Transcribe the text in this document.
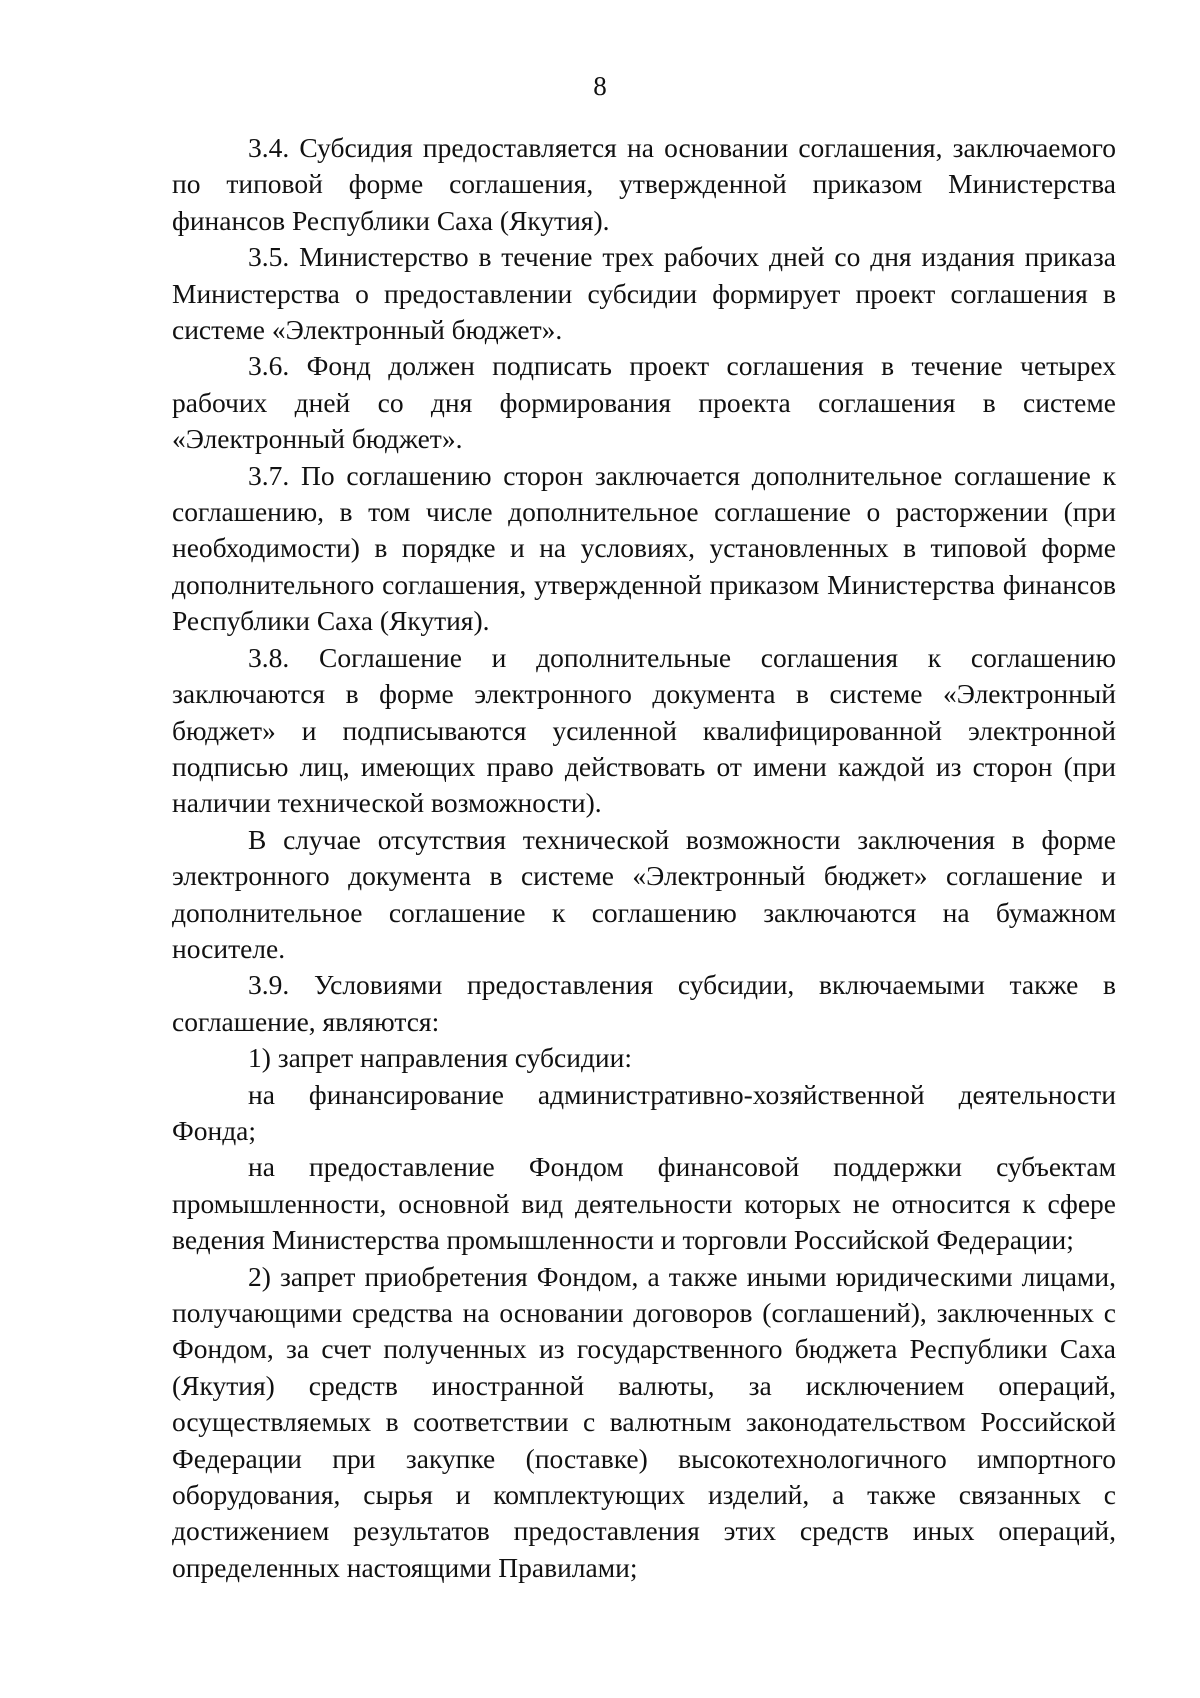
8

3.4. Субсидия предоставляется на основании соглашения, заключаемого по типовой форме соглашения, утвержденной приказом Министерства финансов Республики Саха (Якутия).

3.5. Министерство в течение трех рабочих дней со дня издания приказа Министерства о предоставлении субсидии формирует проект соглашения в системе «Электронный бюджет».

3.6. Фонд должен подписать проект соглашения в течение четырех рабочих дней со дня формирования проекта соглашения в системе «Электронный бюджет».

3.7. По соглашению сторон заключается дополнительное соглашение к соглашению, в том числе дополнительное соглашение о расторжении (при необходимости) в порядке и на условиях, установленных в типовой форме дополнительного соглашения, утвержденной приказом Министерства финансов Республики Саха (Якутия).

3.8. Соглашение и дополнительные соглашения к соглашению заключаются в форме электронного документа в системе «Электронный бюджет» и подписываются усиленной квалифицированной электронной подписью лиц, имеющих право действовать от имени каждой из сторон (при наличии технической возможности).

В случае отсутствия технической возможности заключения в форме электронного документа в системе «Электронный бюджет» соглашение и дополнительное соглашение к соглашению заключаются на бумажном носителе.

3.9. Условиями предоставления субсидии, включаемыми также в соглашение, являются:

1) запрет направления субсидии:

на финансирование административно-хозяйственной деятельности Фонда;

на предоставление Фондом финансовой поддержки субъектам промышленности, основной вид деятельности которых не относится к сфере ведения Министерства промышленности и торговли Российской Федерации;

2) запрет приобретения Фондом, а также иными юридическими лицами, получающими средства на основании договоров (соглашений), заключенных с Фондом, за счет полученных из государственного бюджета Республики Саха (Якутия) средств иностранной валюты, за исключением операций, осуществляемых в соответствии с валютным законодательством Российской Федерации при закупке (поставке) высокотехнологичного импортного оборудования, сырья и комплектующих изделий, а также связанных с достижением результатов предоставления этих средств иных операций, определенных настоящими Правилами;
